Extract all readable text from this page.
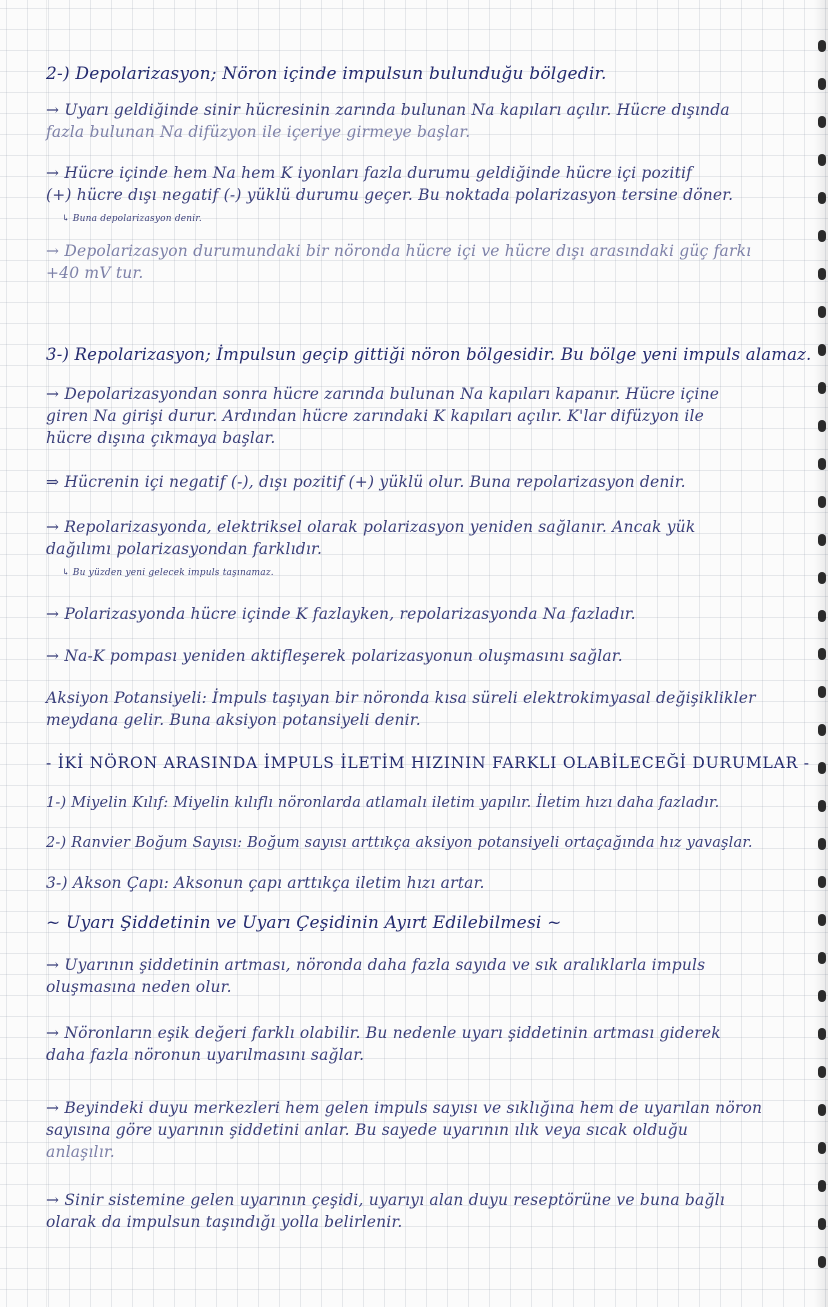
2-) Depolarizasyon; Nöron içinde impulsun bulunduğu bölgedir.
→ Uyarı geldiğinde sinir hücresinin zarında bulunan Na kapıları açılır. Hücre dışında
fazla bulunan Na difüzyon ile içeriye girmeye başlar.
→ Hücre içinde hem Na hem K iyonları fazla durumu geldiğinde hücre içi pozitif
(+) hücre dışı negatif (-) yüklü durumu geçer. Bu noktada polarizasyon tersine döner.
↳ Buna depolarizasyon denir.
→ Depolarizasyon durumundaki bir nöronda hücre içi ve hücre dışı arasındaki güç farkı
+40 mV tur.
3-) Repolarizasyon; İmpulsun geçip gittiği nöron bölgesidir. Bu bölge yeni impuls alamaz.
→ Depolarizasyondan sonra hücre zarında bulunan Na kapıları kapanır. Hücre içine
giren Na girişi durur. Ardından hücre zarındaki K kapıları açılır. K'lar difüzyon ile
hücre dışına çıkmaya başlar.
⇒ Hücrenin içi negatif (-), dışı pozitif (+) yüklü olur. Buna repolarizasyon denir.
→ Repolarizasyonda, elektriksel olarak polarizasyon yeniden sağlanır. Ancak yük
dağılımı polarizasyondan farklıdır.
↳ Bu yüzden yeni gelecek impuls taşınamaz.
→ Polarizasyonda hücre içinde K fazlayken, repolarizasyonda Na fazladır.
→ Na-K pompası yeniden aktifleşerek polarizasyonun oluşmasını sağlar.
Aksiyon Potansiyeli: İmpuls taşıyan bir nöronda kısa süreli elektrokimyasal değişiklikler
meydana gelir. Buna aksiyon potansiyeli denir.
- İKİ NÖRON ARASINDA İMPULS İLETİM HIZININ FARKLI OLABİLECEĞİ DURUMLAR -
1-) Miyelin Kılıf: Miyelin kılıflı nöronlarda atlamalı iletim yapılır. İletim hızı daha fazladır.
2-) Ranvier Boğum Sayısı: Boğum sayısı arttıkça aksiyon potansiyeli ortaçağında hız yavaşlar.
3-) Akson Çapı: Aksonun çapı arttıkça iletim hızı artar.
~ Uyarı Şiddetinin ve Uyarı Çeşidinin Ayırt Edilebilmesi ~
→ Uyarının şiddetinin artması, nöronda daha fazla sayıda ve sık aralıklarla impuls
oluşmasına neden olur.
→ Nöronların eşik değeri farklı olabilir. Bu nedenle uyarı şiddetinin artması giderek
daha fazla nöronun uyarılmasını sağlar.
→ Beyindeki duyu merkezleri hem gelen impuls sayısı ve sıklığına hem de uyarılan nöron
sayısına göre uyarının şiddetini anlar. Bu sayede uyarının ılık veya sıcak olduğu
anlaşılır.
→ Sinir sistemine gelen uyarının çeşidi, uyarıyı alan duyu reseptörüne ve buna bağlı
olarak da impulsun taşındığı yolla belirlenir.
